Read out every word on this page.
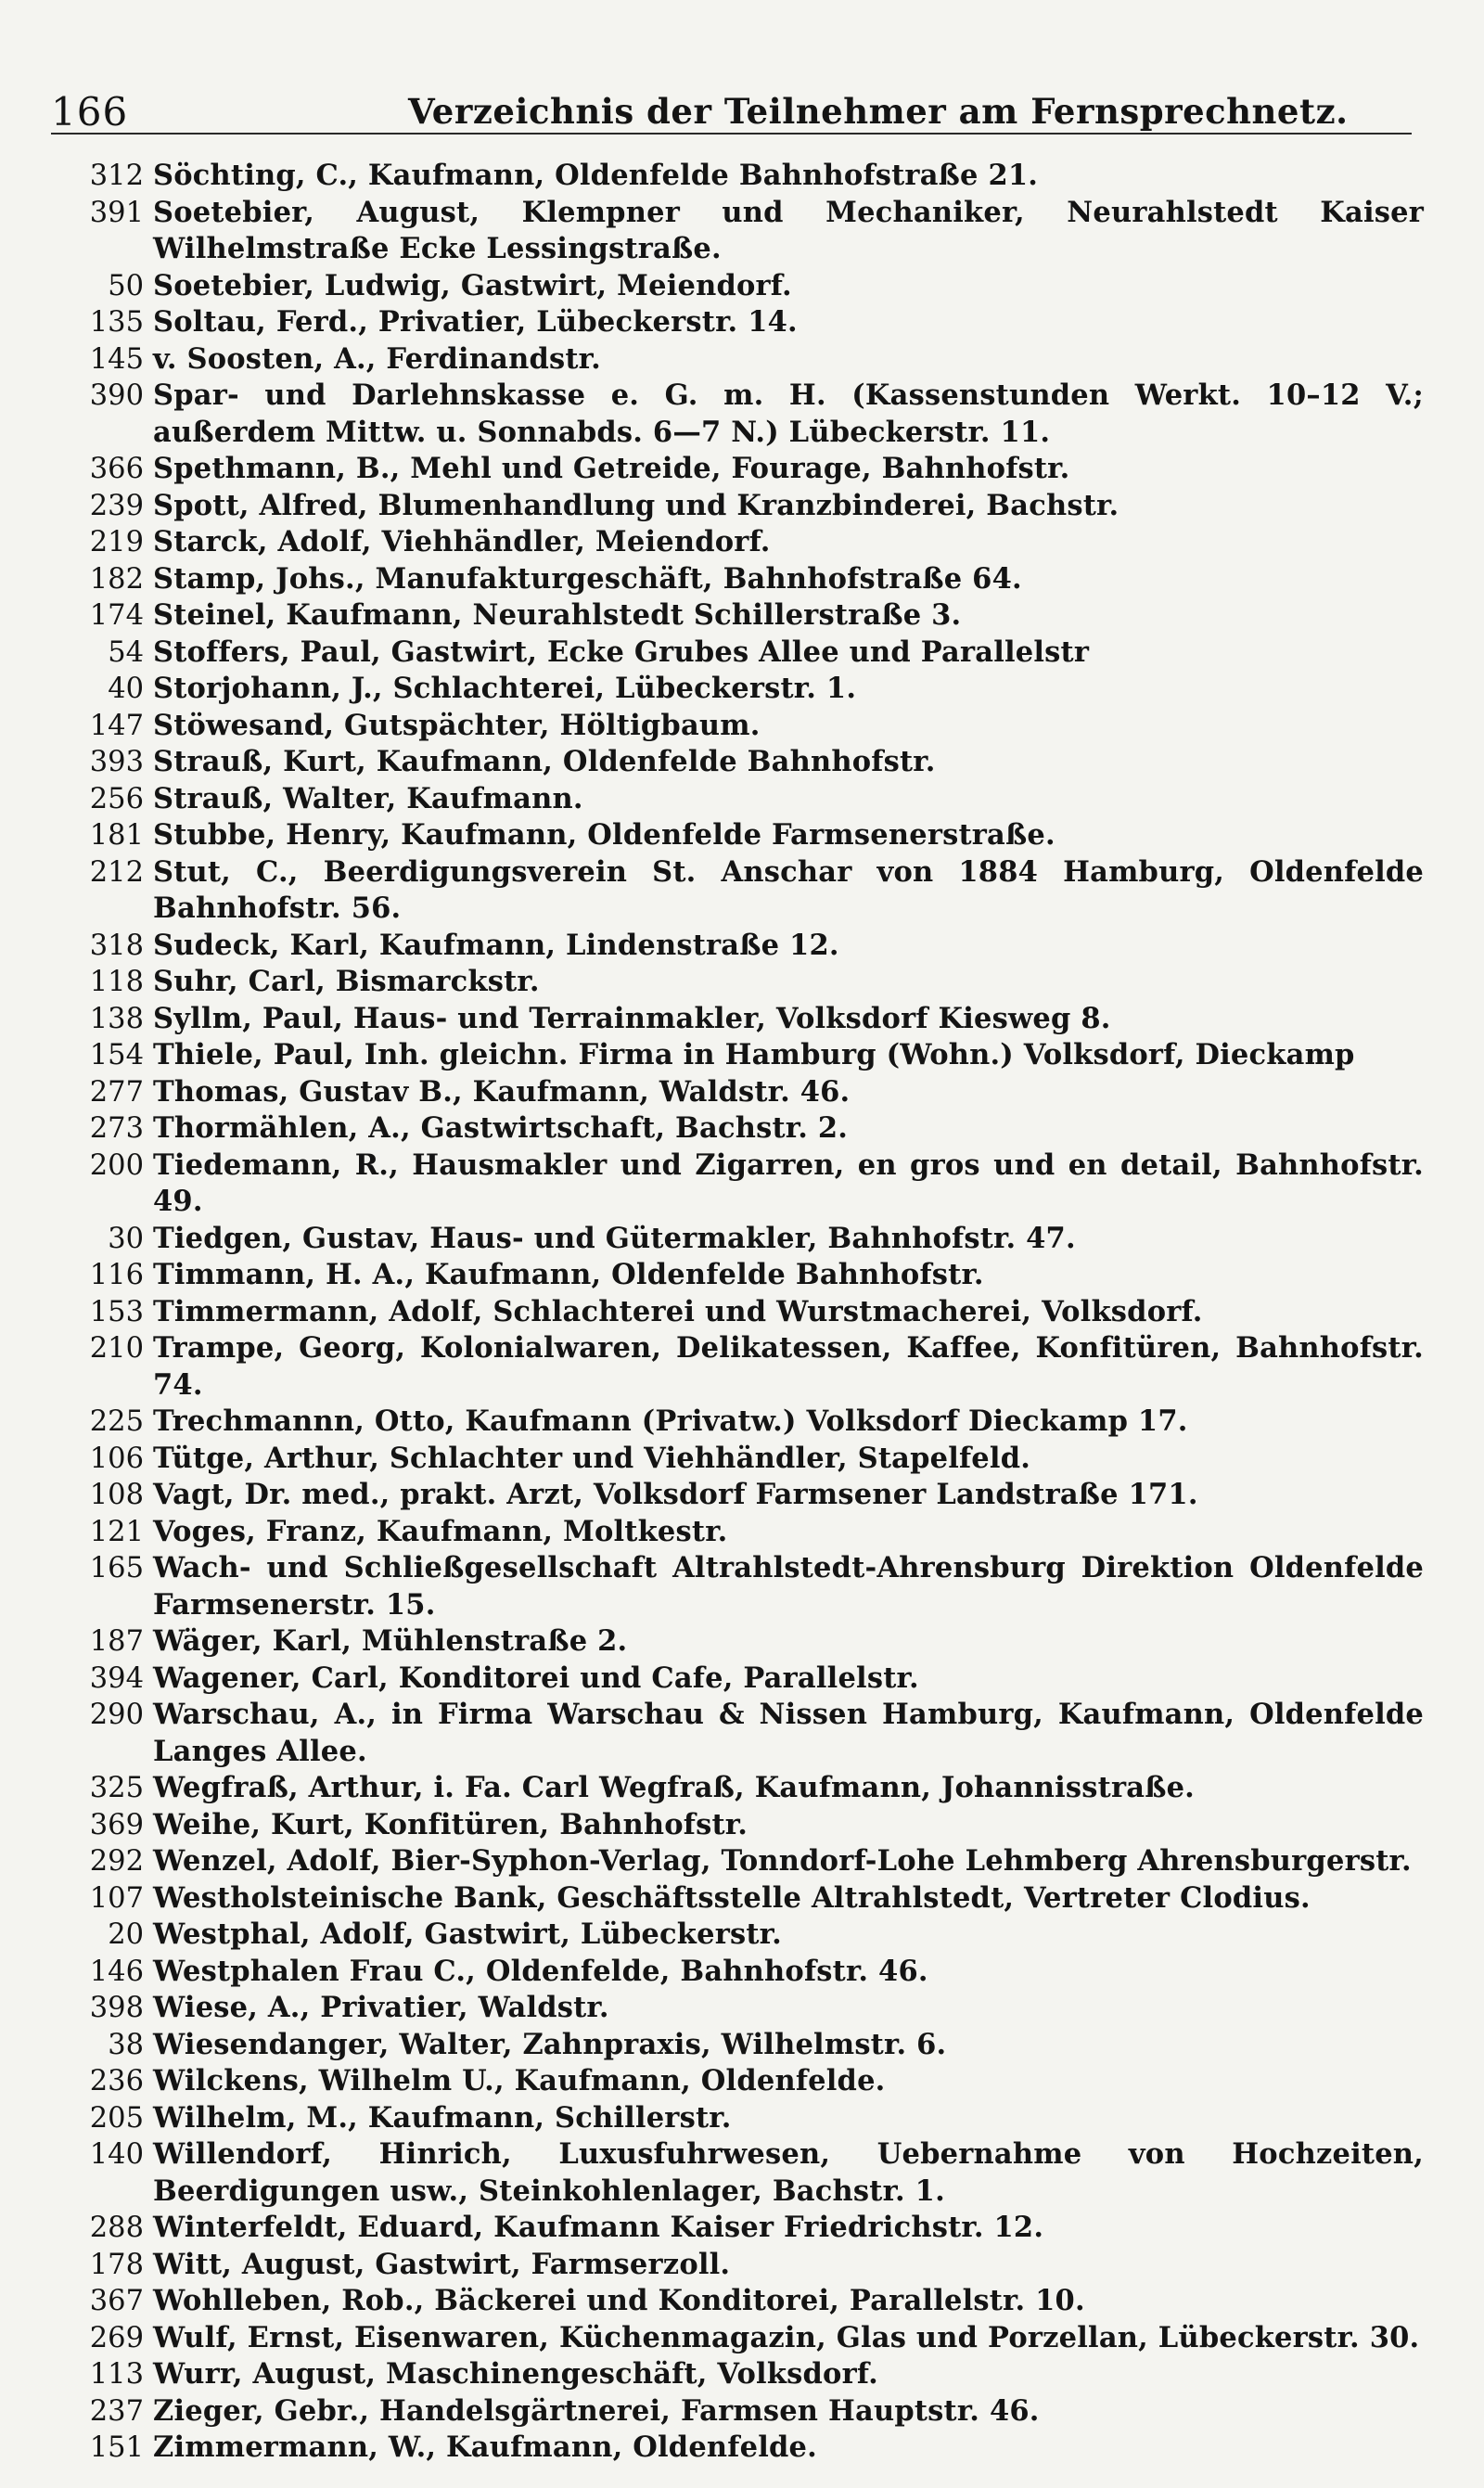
166	Verzeichnis der Teilnehmer am Fernsprechnetz.
312 Söchting, C., Kaufmann, Oldenfelde Bahnhofstraße 21.
391 Soetebier, August, Klempner und Mechaniker, Neurahlstedt Kaiser Wilhelmstraße Ecke Lessingstraße.
50 Soetebier, Ludwig, Gastwirt, Meiendorf.
135 Soltau, Ferd., Privatier, Lübeckerstr. 14.
145 v. Soosten, A., Ferdinandstr.
390 Spar- und Darlehnskasse e. G. m. H. (Kassenstunden Werkt. 10–12 V.; außerdem Mittw. u. Sonnabds. 6—7 N.) Lübeckerstr. 11.
366 Spethmann, B., Mehl und Getreide, Fourage, Bahnhofstr.
239 Spott, Alfred, Blumenhandlung und Kranzbinderei, Bachstr.
219 Starck, Adolf, Viehhändler, Meiendorf.
182 Stamp, Johs., Manufakturgeschäft, Bahnhofstraße 64.
174 Steinel, Kaufmann, Neurahlstedt Schillerstraße 3.
54 Stoffers, Paul, Gastwirt, Ecke Grubes Allee und Parallelstr
40 Storjohann, J., Schlachterei, Lübeckerstr. 1.
147 Stöwesand, Gutspächter, Höltigbaum.
393 Strauß, Kurt, Kaufmann, Oldenfelde Bahnhofstr.
256 Strauß, Walter, Kaufmann.
181 Stubbe, Henry, Kaufmann, Oldenfelde Farmsenerstraße.
212 Stut, C., Beerdigungsverein St. Anschar von 1884 Hamburg, Oldenfelde Bahnhofstr. 56.
318 Sudeck, Karl, Kaufmann, Lindenstraße 12.
118 Suhr, Carl, Bismarckstr.
138 Syllm, Paul, Haus- und Terrainmakler, Volksdorf Kiesweg 8.
154 Thiele, Paul, Inh. gleichn. Firma in Hamburg (Wohn.) Volksdorf, Dieckamp
277 Thomas, Gustav B., Kaufmann, Waldstr. 46.
273 Thormählen, A., Gastwirtschaft, Bachstr. 2.
200 Tiedemann, R., Hausmakler und Zigarren, en gros und en detail, Bahnhofstr. 49.
30 Tiedgen, Gustav, Haus- und Gütermakler, Bahnhofstr. 47.
116 Timmann, H. A., Kaufmann, Oldenfelde Bahnhofstr.
153 Timmermann, Adolf, Schlachterei und Wurstmacherei, Volksdorf.
210 Trampe, Georg, Kolonialwaren, Delikatessen, Kaffee, Konfitüren, Bahnhofstr. 74.
225 Trechmannn, Otto, Kaufmann (Privatw.) Volksdorf Dieckamp 17.
106 Tütge, Arthur, Schlachter und Viehhändler, Stapelfeld.
108 Vagt, Dr. med., prakt. Arzt, Volksdorf Farmsener Landstraße 171.
121 Voges, Franz, Kaufmann, Moltkestr.
165 Wach- und Schließgesellschaft Altrahlstedt-Ahrensburg Direktion Oldenfelde Farmsenerstr. 15.
187 Wäger, Karl, Mühlenstraße 2.
394 Wagener, Carl, Konditorei und Cafe, Parallelstr.
290 Warschau, A., in Firma Warschau & Nissen Hamburg, Kaufmann, Oldenfelde Langes Allee.
325 Wegfraß, Arthur, i. Fa. Carl Wegfraß, Kaufmann, Johannisstraße.
369 Weihe, Kurt, Konfitüren, Bahnhofstr.
292 Wenzel, Adolf, Bier-Syphon-Verlag, Tonndorf-Lohe Lehmberg Ahrensburgerstr.
107 Westholsteinische Bank, Geschäftsstelle Altrahlstedt, Vertreter Clodius.
20 Westphal, Adolf, Gastwirt, Lübeckerstr.
146 Westphalen Frau C., Oldenfelde, Bahnhofstr. 46.
398 Wiese, A., Privatier, Waldstr.
38 Wiesendanger, Walter, Zahnpraxis, Wilhelmstr. 6.
236 Wilckens, Wilhelm U., Kaufmann, Oldenfelde.
205 Wilhelm, M., Kaufmann, Schillerstr.
140 Willendorf, Hinrich, Luxusfuhrwesen, Uebernahme von Hochzeiten, Beerdigungen usw., Steinkohlenlager, Bachstr. 1.
288 Winterfeldt, Eduard, Kaufmann Kaiser Friedrichstr. 12.
178 Witt, August, Gastwirt, Farmserzoll.
367 Wohlleben, Rob., Bäckerei und Konditorei, Parallelstr. 10.
269 Wulf, Ernst, Eisenwaren, Küchenmagazin, Glas und Porzellan, Lübeckerstr. 30.
113 Wurr, August, Maschinengeschäft, Volksdorf.
237 Zieger, Gebr., Handelsgärtnerei, Farmsen Hauptstr. 46.
151 Zimmermann, W., Kaufmann, Oldenfelde.
